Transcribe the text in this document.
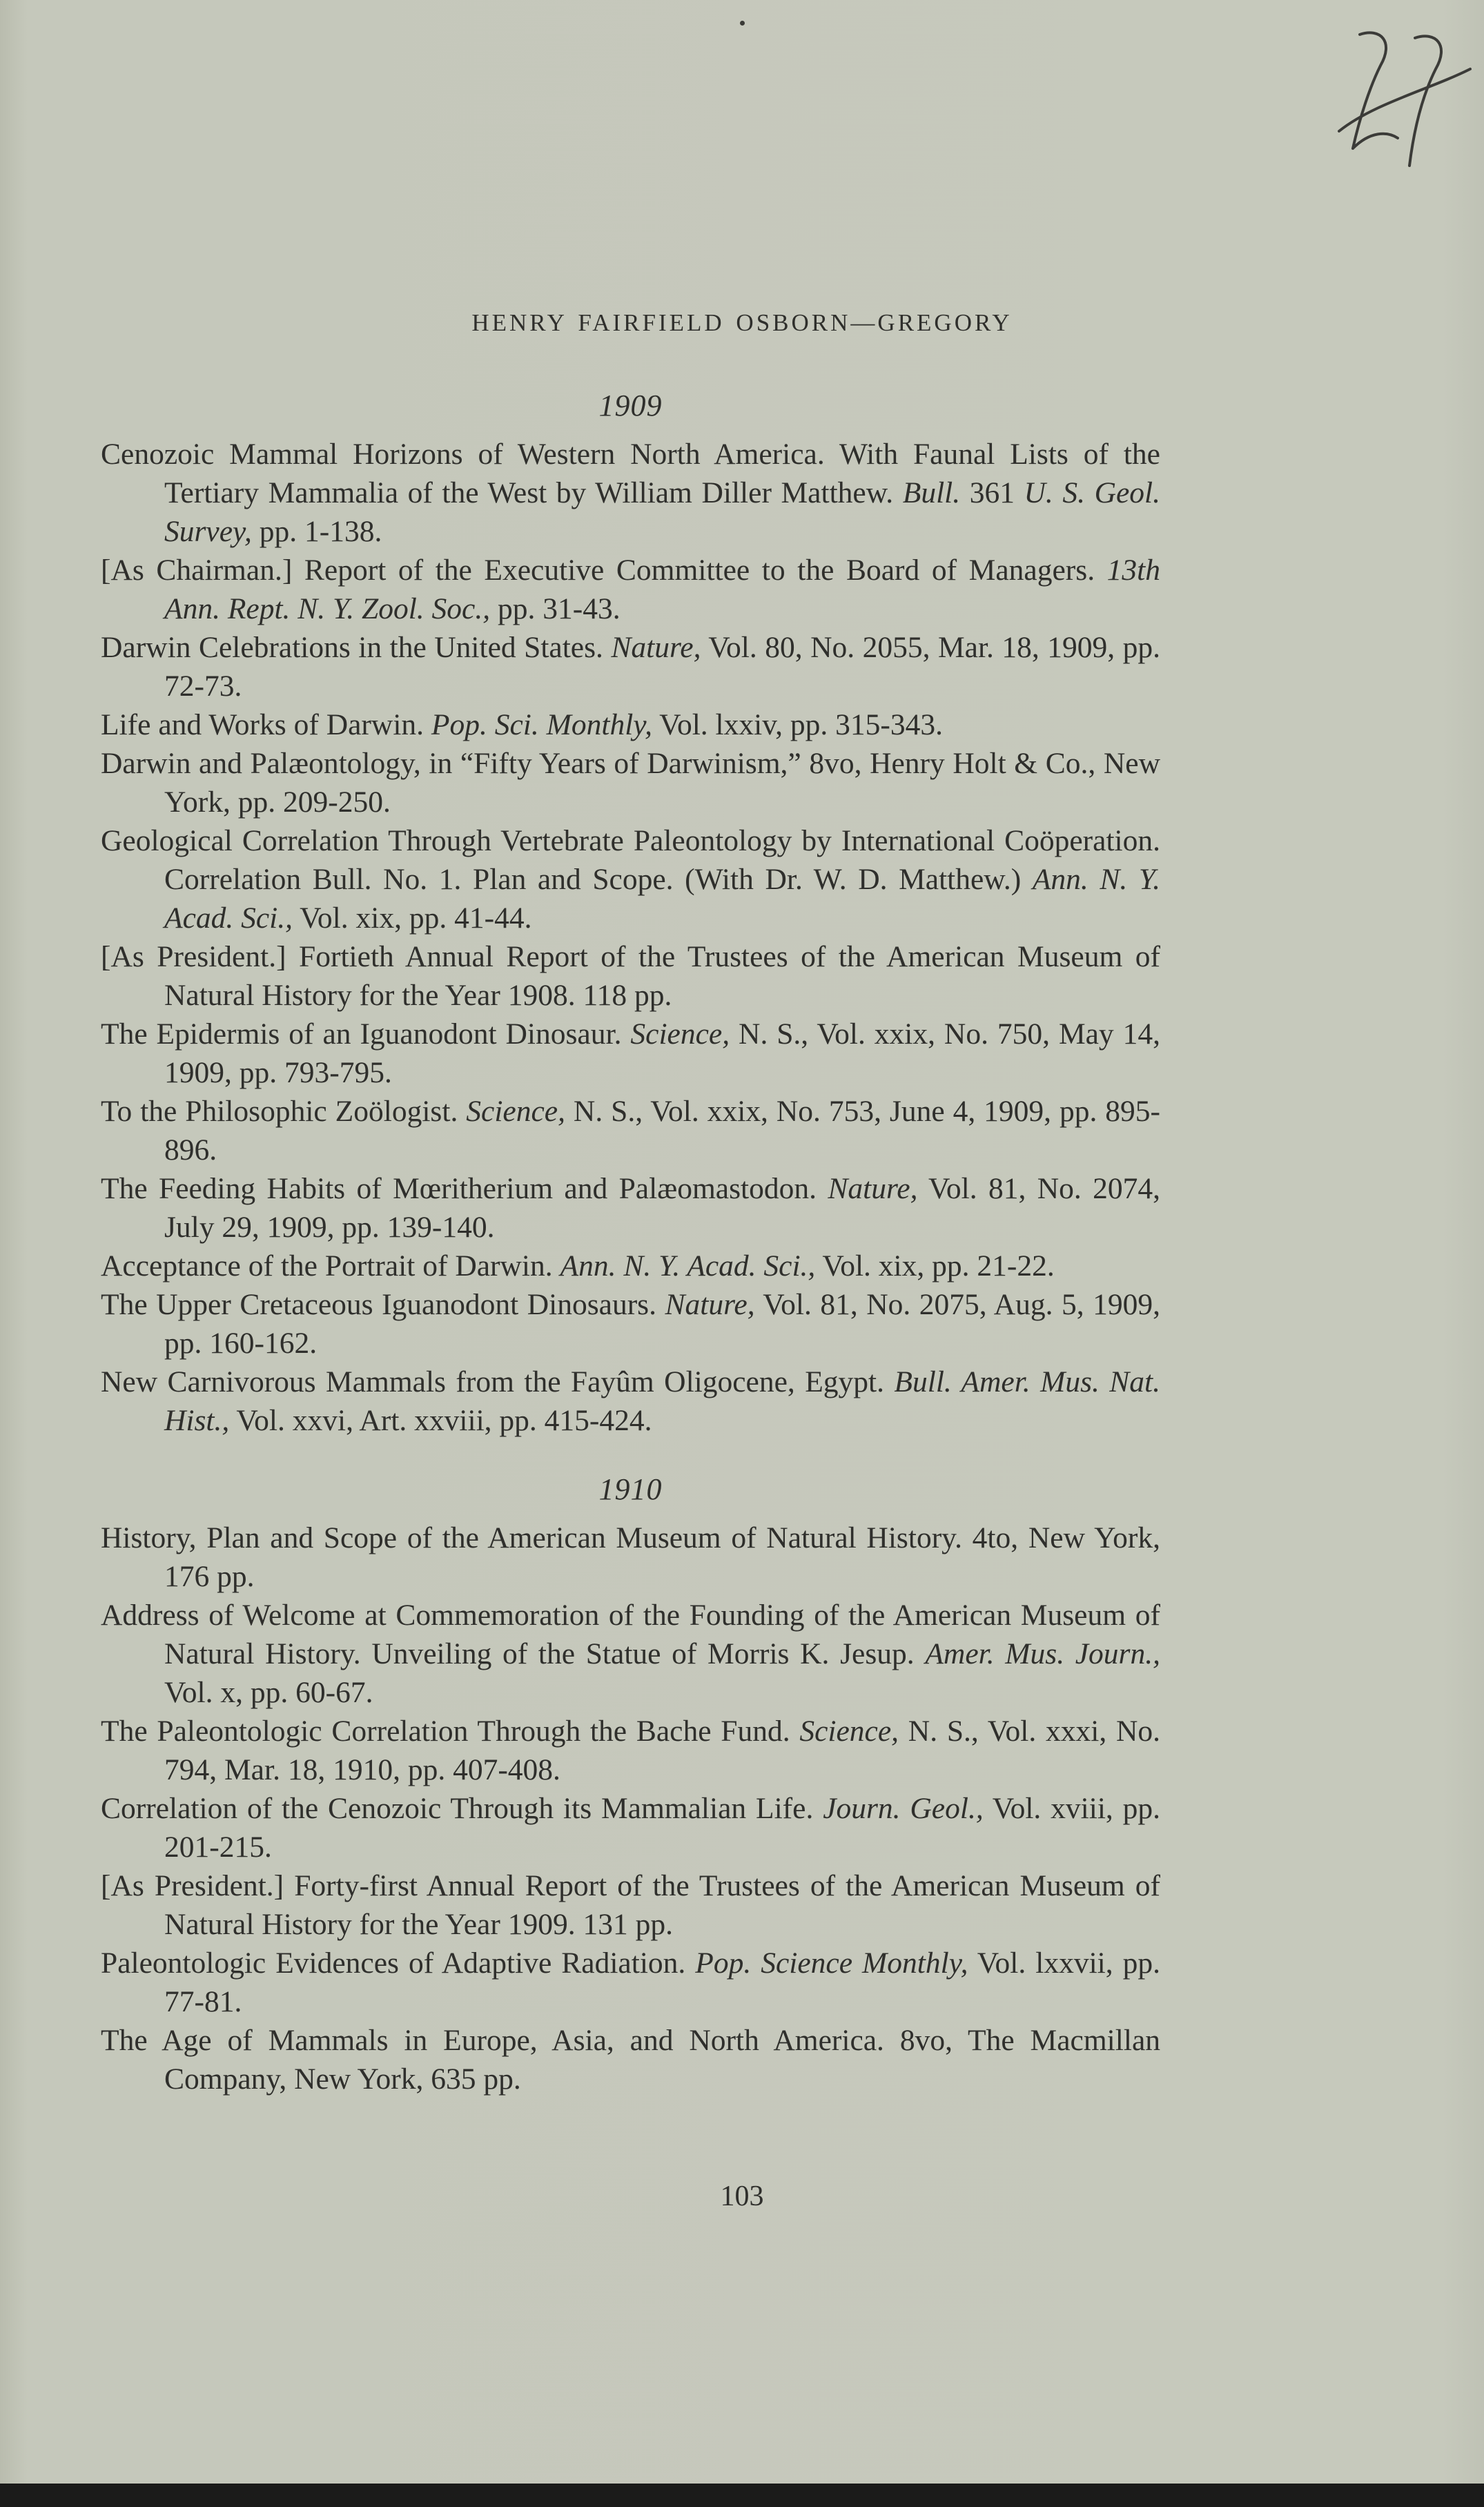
HENRY FAIRFIELD OSBORN—GREGORY
1909

Cenozoic Mammal Horizons of Western North America. With Faunal Lists of the Tertiary Mammalia of the West by William Diller Matthew. Bull. 361 U. S. Geol. Survey, pp. 1-138.

[As Chairman.] Report of the Executive Committee to the Board of Managers. 13th Ann. Rept. N. Y. Zool. Soc., pp. 31-43.

Darwin Celebrations in the United States. Nature, Vol. 80, No. 2055, Mar. 18, 1909, pp. 72-73.

Life and Works of Darwin. Pop. Sci. Monthly, Vol. lxxiv, pp. 315-343.

Darwin and Palæontology, in “Fifty Years of Darwinism,” 8vo, Henry Holt & Co., New York, pp. 209-250.

Geological Correlation Through Vertebrate Paleontology by International Coöperation. Correlation Bull. No. 1. Plan and Scope. (With Dr. W. D. Matthew.) Ann. N. Y. Acad. Sci., Vol. xix, pp. 41-44.

[As President.] Fortieth Annual Report of the Trustees of the American Museum of Natural History for the Year 1908. 118 pp.

The Epidermis of an Iguanodont Dinosaur. Science, N. S., Vol. xxix, No. 750, May 14, 1909, pp. 793-795.

To the Philosophic Zoölogist. Science, N. S., Vol. xxix, No. 753, June 4, 1909, pp. 895-896.

The Feeding Habits of Mœritherium and Palæomastodon. Nature, Vol. 81, No. 2074, July 29, 1909, pp. 139-140.

Acceptance of the Portrait of Darwin. Ann. N. Y. Acad. Sci., Vol. xix, pp. 21-22.

The Upper Cretaceous Iguanodont Dinosaurs. Nature, Vol. 81, No. 2075, Aug. 5, 1909, pp. 160-162.

New Carnivorous Mammals from the Fayûm Oligocene, Egypt. Bull. Amer. Mus. Nat. Hist., Vol. xxvi, Art. xxviii, pp. 415-424.

1910

History, Plan and Scope of the American Museum of Natural History. 4to, New York, 176 pp.

Address of Welcome at Commemoration of the Founding of the American Museum of Natural History. Unveiling of the Statue of Morris K. Jesup. Amer. Mus. Journ., Vol. x, pp. 60-67.

The Paleontologic Correlation Through the Bache Fund. Science, N. S., Vol. xxxi, No. 794, Mar. 18, 1910, pp. 407-408.

Correlation of the Cenozoic Through its Mammalian Life. Journ. Geol., Vol. xviii, pp. 201-215.

[As President.] Forty-first Annual Report of the Trustees of the American Museum of Natural History for the Year 1909. 131 pp.

Paleontologic Evidences of Adaptive Radiation. Pop. Science Monthly, Vol. lxxvii, pp. 77-81.

The Age of Mammals in Europe, Asia, and North America. 8vo, The Macmillan Company, New York, 635 pp.

103
